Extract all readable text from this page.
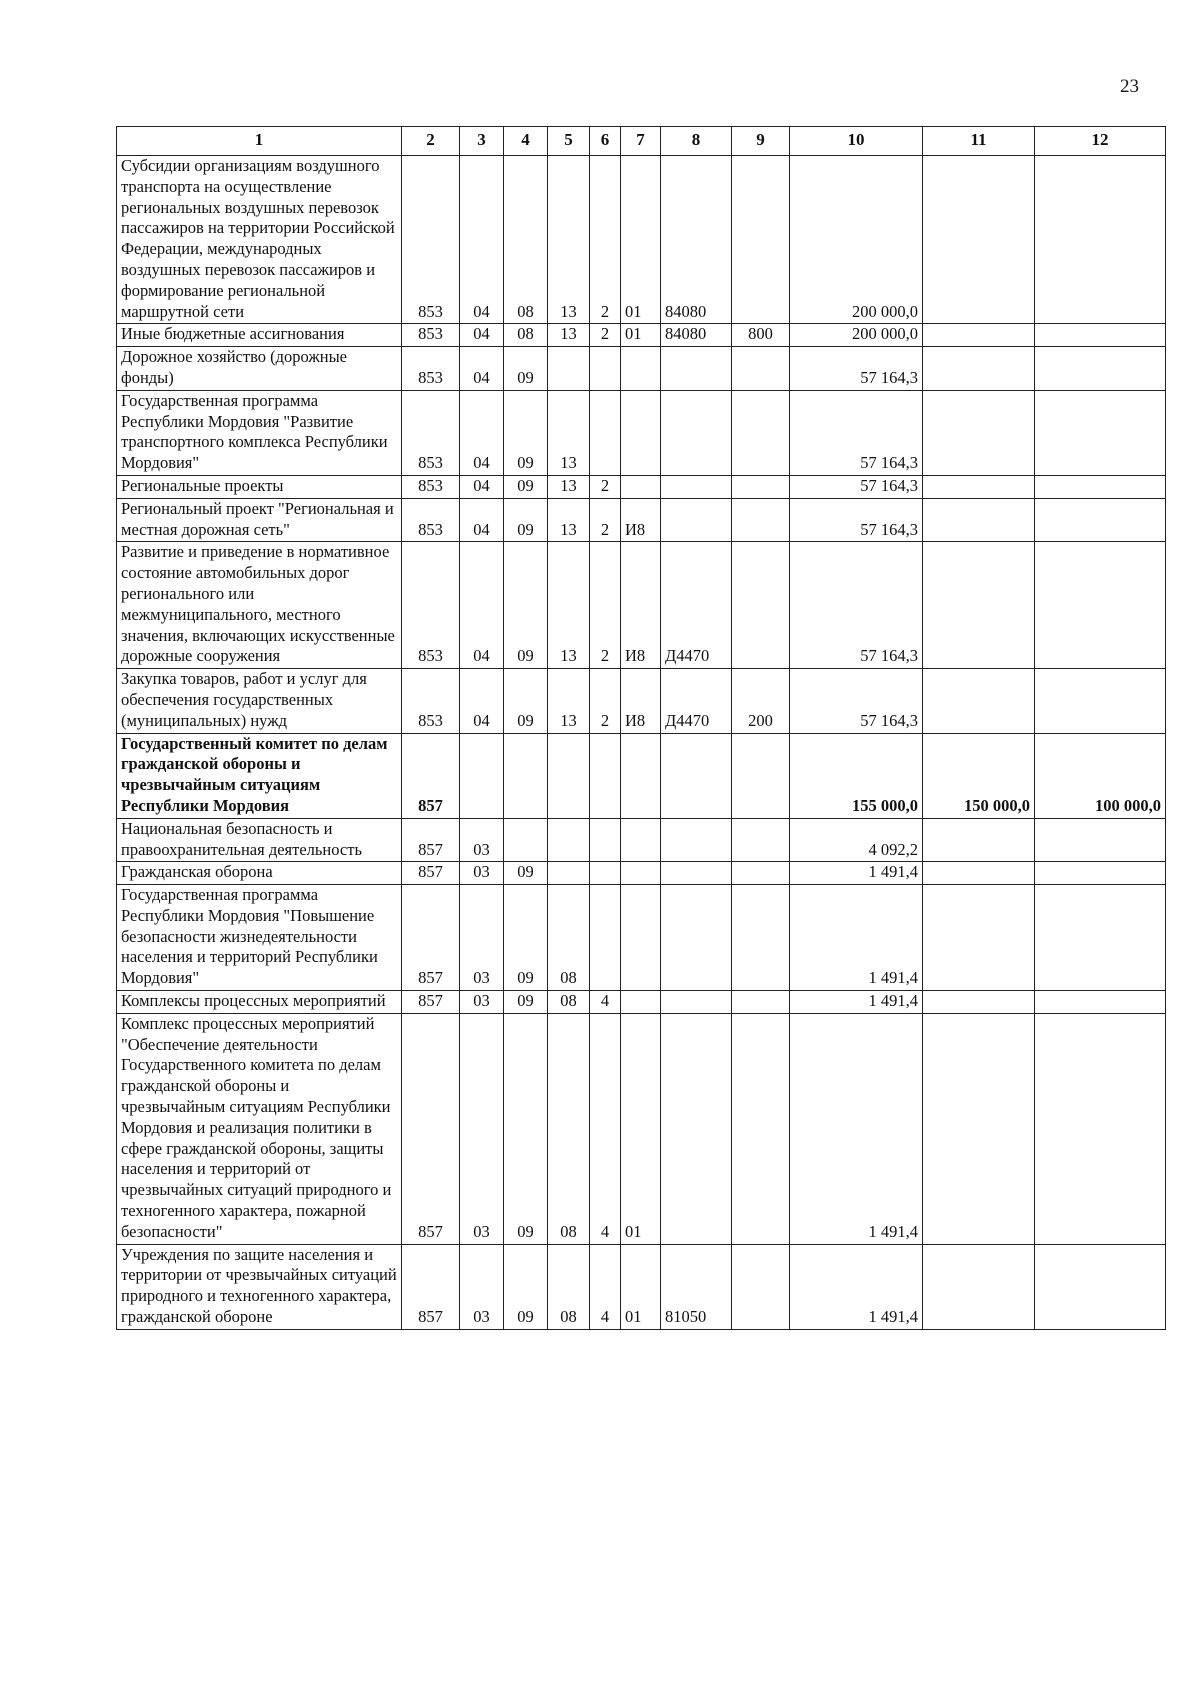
23
1	2	3	4	5	6	7	8	9	10	11	12
Субсидии организациям воздушного транспорта на осуществление региональных воздушных перевозок пассажиров на территории Российской Федерации, международных воздушных перевозок пассажиров и формирование региональной маршрутной сети	853	04	08	13	2	01	84080		200 000,0		
Иные бюджетные ассигнования	853	04	08	13	2	01	84080	800	200 000,0		
Дорожное хозяйство (дорожные фонды)	853	04	09						57 164,3		
Государственная программа Республики Мордовия "Развитие транспортного комплекса Республики Мордовия"	853	04	09	13					57 164,3		
Региональные проекты	853	04	09	13	2				57 164,3		
Региональный проект "Региональная и местная дорожная сеть"	853	04	09	13	2	И8			57 164,3		
Развитие и приведение в нормативное состояние автомобильных дорог регионального или межмуниципального, местного значения, включающих искусственные дорожные сооружения	853	04	09	13	2	И8	Д4470		57 164,3		
Закупка товаров, работ и услуг для обеспечения государственных (муниципальных) нужд	853	04	09	13	2	И8	Д4470	200	57 164,3		
Государственный комитет по делам гражданской обороны и чрезвычайным ситуациям Республики Мордовия	857								155 000,0	150 000,0	100 000,0
Национальная безопасность и правоохранительная деятельность	857	03							4 092,2		
Гражданская оборона	857	03	09						1 491,4		
Государственная программа Республики Мордовия "Повышение безопасности жизнедеятельности населения и территорий Республики Мордовия"	857	03	09	08					1 491,4		
Комплексы процессных мероприятий	857	03	09	08	4				1 491,4		
Комплекс процессных мероприятий "Обеспечение деятельности Государственного комитета по делам гражданской обороны и чрезвычайным ситуациям Республики Мордовия и реализация политики в сфере гражданской обороны, защиты населения и территорий от чрезвычайных ситуаций природного и техногенного характера, пожарной безопасности"	857	03	09	08	4	01			1 491,4		
Учреждения по защите населения и территории от чрезвычайных ситуаций природного и техногенного характера, гражданской обороне	857	03	09	08	4	01	81050		1 491,4		
